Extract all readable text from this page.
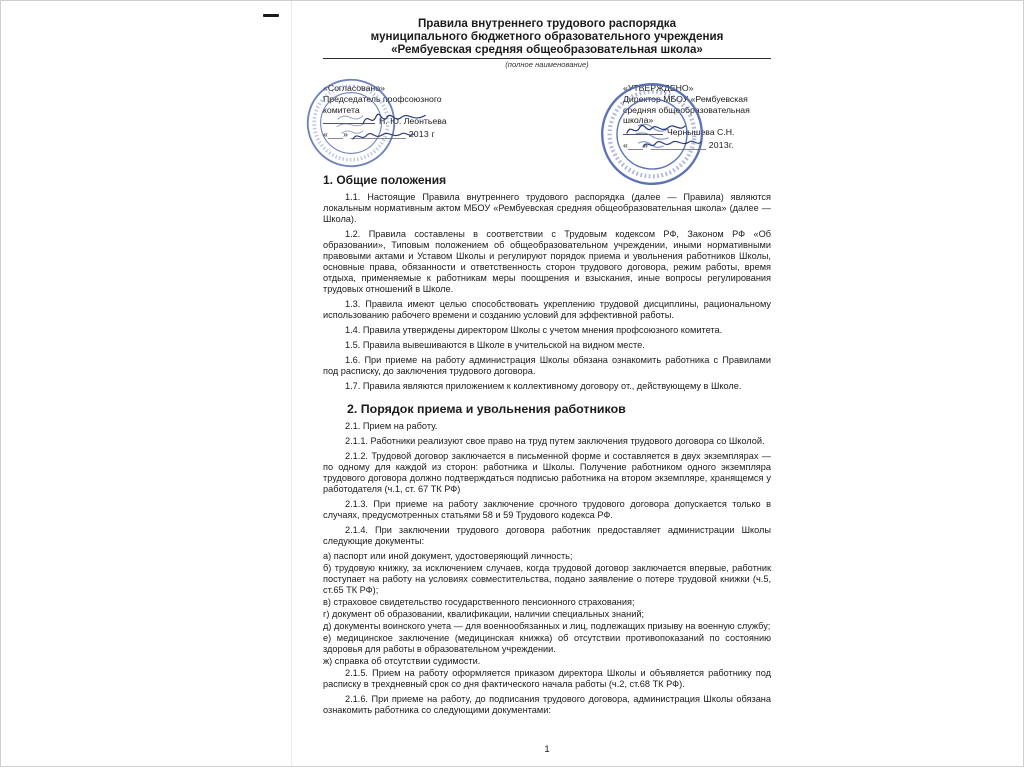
Правила внутреннего трудового распорядка
муниципального бюджетного образовательного учреждения
«Рембуевская средняя общеобразовательная школа»
(полное наименование)
«Согласовано»
Председатель профсоюзного
комитета
Н. Ю. Леонтьева
«___» ___________ 2013 г
«УТВЕРЖДЕНО»
Директор МБОУ «Рембуевская
средняя общеобразовательная
школа»
Чернышева С.Н.
«___» ___________ 2013г.
1. Общие положения
1.1. Настоящие Правила внутреннего трудового распорядка (далее — Правила) являются локальным нормативным актом МБОУ «Рембуевская средняя общеобразовательная школа» (далее — Школа).
1.2. Правила составлены в соответствии с Трудовым кодексом РФ, Законом РФ «Об образовании», Типовым положением об общеобразовательном учреждении, иными нормативными правовыми актами и Уставом Школы и регулируют порядок приема и увольнения работников Школы, основные права, обязанности и ответственность сторон трудового договора, режим работы, время отдыха, применяемые к работникам меры поощрения и взыскания, иные вопросы регулирования трудовых отношений в Школе.
1.3. Правила имеют целью способствовать укреплению трудовой дисциплины, рациональному использованию рабочего времени и созданию условий для эффективной работы.
1.4. Правила утверждены директором Школы с учетом мнения профсоюзного комитета.
1.5. Правила вывешиваются в Школе в учительской на видном месте.
1.6. При приеме на работу администрация Школы обязана ознакомить работника с Правилами под расписку, до заключения трудового договора.
1.7. Правила являются приложением к коллективному договору от., действующему в Школе.
2. Порядок приема и увольнения работников
2.1. Прием на работу.
2.1.1. Работники реализуют свое право на труд путем заключения трудового договора со Школой.
2.1.2. Трудовой договор заключается в письменной форме и составляется в двух экземплярах — по одному для каждой из сторон: работника и Школы. Получение работником одного экземпляра трудового договора должно подтверждаться подписью работника на втором экземпляре, хранящемся у работодателя (ч.1, ст. 67 ТК РФ)
2.1.3. При приеме на работу заключение срочного трудового договора допускается только в случаях, предусмотренных статьями 58 и 59 Трудового кодекса РФ.
2.1.4. При заключении трудового договора работник предоставляет администрации Школы следующие документы:
а) паспорт или иной документ, удостоверяющий личность;
б) трудовую книжку, за исключением случаев, когда трудовой договор заключается впервые, работник поступает на работу на условиях совместительства, подано заявление о потере трудовой книжки (ч.5, ст.65 ТК РФ);
в) страховое свидетельство государственного пенсионного страхования;
г) документ об образовании, квалификации, наличии специальных знаний;
д) документы воинского учета — для военнообязанных и лиц, подлежащих призыву на военную службу;
е) медицинское заключение (медицинская книжка) об отсутствии противопоказаний по состоянию здоровья для работы в образовательном учреждении.
ж) справка об отсутствии судимости.
2.1.5. Прием на работу оформляется приказом директора Школы и объявляется работнику под расписку в трехдневный срок со дня фактического начала работы (ч.2, ст.68 ТК РФ).
2.1.6. При приеме на работу, до подписания трудового договора, администрация Школы обязана ознакомить работника со следующими документами:
1
